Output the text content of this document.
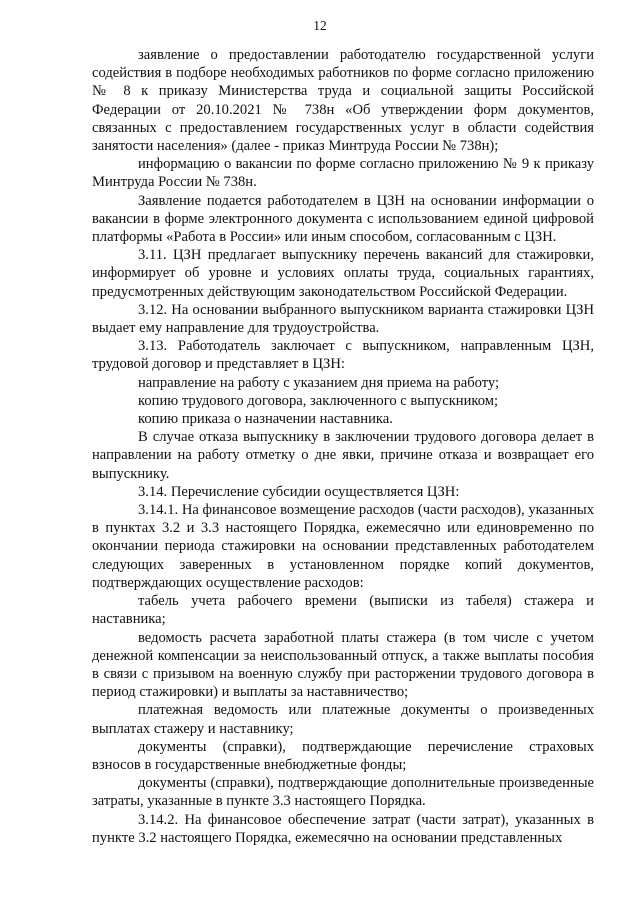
12

заявление о предоставлении работодателю государственной услуги содействия в подборе необходимых работников по форме согласно приложению № 8 к приказу Министерства труда и социальной защиты Российской Федерации от 20.10.2021 № 738н «Об утверждении форм документов, связанных с предоставлением государственных услуг в области содействия занятости населения» (далее - приказ Минтруда России № 738н);

информацию о вакансии по форме согласно приложению № 9 к приказу Минтруда России № 738н.

Заявление подается работодателем в ЦЗН на основании информации о вакансии в форме электронного документа с использованием единой цифровой платформы «Работа в России» или иным способом, согласованным с ЦЗН.

3.11. ЦЗН предлагает выпускнику перечень вакансий для стажировки, информирует об уровне и условиях оплаты труда, социальных гарантиях, предусмотренных действующим законодательством Российской Федерации.

3.12. На основании выбранного выпускником варианта стажировки ЦЗН выдает ему направление для трудоустройства.

3.13. Работодатель заключает с выпускником, направленным ЦЗН, трудовой договор и представляет в ЦЗН:

направление на работу с указанием дня приема на работу;

копию трудового договора, заключенного с выпускником;

копию приказа о назначении наставника.

В случае отказа выпускнику в заключении трудового договора делает в направлении на работу отметку о дне явки, причине отказа и возвращает его выпускнику.

3.14. Перечисление субсидии осуществляется ЦЗН:

3.14.1. На финансовое возмещение расходов (части расходов), указанных в пунктах 3.2 и 3.3 настоящего Порядка, ежемесячно или единовременно по окончании периода стажировки на основании представленных работодателем следующих заверенных в установленном порядке копий документов, подтверждающих осуществление расходов:

табель учета рабочего времени (выписки из табеля) стажера и наставника;

ведомость расчета заработной платы стажера (в том числе с учетом денежной компенсации за неиспользованный отпуск, а также выплаты пособия в связи с призывом на военную службу при расторжении трудового договора в период стажировки) и выплаты за наставничество;

платежная ведомость или платежные документы о произведенных выплатах стажеру и наставнику;

документы (справки), подтверждающие перечисление страховых взносов в государственные внебюджетные фонды;

документы (справки), подтверждающие дополнительные произведенные затраты, указанные в пункте 3.3 настоящего Порядка.

3.14.2. На финансовое обеспечение затрат (части затрат), указанных в пункте 3.2 настоящего Порядка, ежемесячно на основании представленных
